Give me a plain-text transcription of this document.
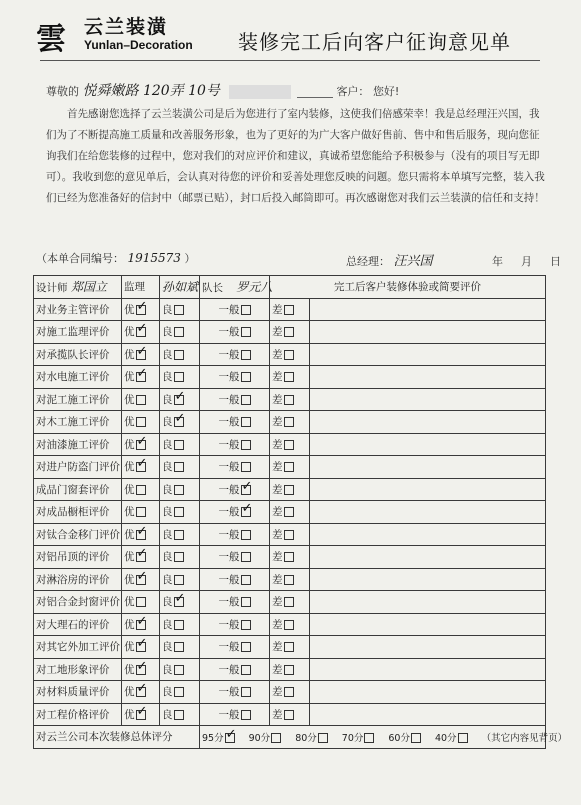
雲 云兰装潢
Yunlan–Decoration 装修完工后向客户征询意见单
尊敬的 悦舜嫩路 120弄 10号	客户： 您好!

首先感谢您选择了云兰装潢公司是后为您进行了室内装修，这使我们倍感荣幸！我是总经理汪兴国，我们为了不断提高施工质量和改善服务形象，也为了更好的为广大客户做好售前、售中和售后服务，现向您征询我们在给您装修的过程中，您对我们的对应评价和建议，真诚希望您能给予积极参与（没有的项目写无即可）。我收到您的意见单后，会认真对待您的评价和妥善处理您反映的问题。您只需将本单填写完整，装入我们已经为您准备好的信封中（邮票已贴），封口后投入邮筒即可。再次感谢您对我们云兰装潢的信任和支持！

（本单合同编号： 1915573 ）	总经理： 汪兴国	年月日
设计师 郑国立	监理	孙如斌	队长 罗元八	完工后客户装修体验或简要评价	
对业务主管评价	优✓	良	一般	差	
对施工监理评价	优✓	良	一般	差	
对承揽队长评价	优✓	良	一般	差	
对水电施工评价	优✓	良	一般	差	
对泥工施工评价	优	良✓	一般	差	
对木工施工评价	优	良✓	一般	差	
对油漆施工评价	优✓	良	一般	差	
对进户防盗门评价	优✓	良	一般	差	
成品门窗套评价	优	良	一般✓	差	
对成品橱柜评价	优	良	一般✓	差	
对钛合金移门评价	优✓	良	一般	差	
对铝吊顶的评价	优✓	良	一般	差	
对淋浴房的评价	优✓	良	一般	差	
对铝合金封窗评价	优	良✓	一般	差	
对大理石的评价	优✓	良	一般	差	
对其它外加工评价	优✓	良	一般	差	
对工地形象评价	优✓	良	一般	差	
对材料质量评价	优✓	良	一般	差	
对工程价格评价	优✓	良	一般	差	
对云兰公司本次装修总体评分			95分 ✓ 90分 80分 70分 60分 40分 （其它内容见背页）
